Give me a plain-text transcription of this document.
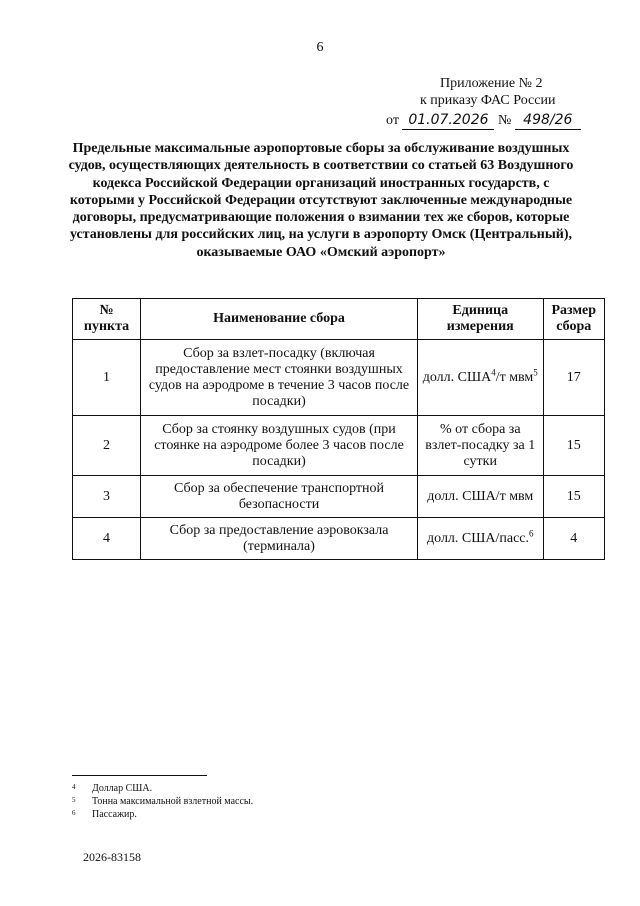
6
Приложение № 2
к приказу ФАС России
от 01.07.2026 № 498/26
Предельные максимальные аэропортовые сборы за обслуживание воздушных судов, осуществляющих деятельность в соответствии со статьей 63 Воздушного кодекса Российской Федерации организаций иностранных государств, с которыми у Российской Федерации отсутствуют заключенные международные договоры, предусматривающие положения о взимании тех же сборов, которые установлены для российских лиц, на услуги в аэропорту Омск (Центральный), оказываемые ОАО «Омский аэропорт»
№ пункта	Наименование сбора	Единица измерения	Размер сбора
1	Сбор за взлет-посадку (включая предоставление мест стоянки воздушных судов на аэродроме в течение 3 часов после посадки)	долл. США$^4$/т мвм$^5$	17
2	Сбор за стоянку воздушных судов (при стоянке на аэродроме более 3 часов после посадки)	% от сбора за взлет-посадку за 1 сутки	15
3	Сбор за обеспечение транспортной безопасности	долл. США/т мвм	15
4	Сбор за предоставление аэровокзала (терминала)	долл. США/пасс.$^6$	4
4	Доллар США.
5	Тонна максимальной взлетной массы.
6	Пассажир.
2026-83158
